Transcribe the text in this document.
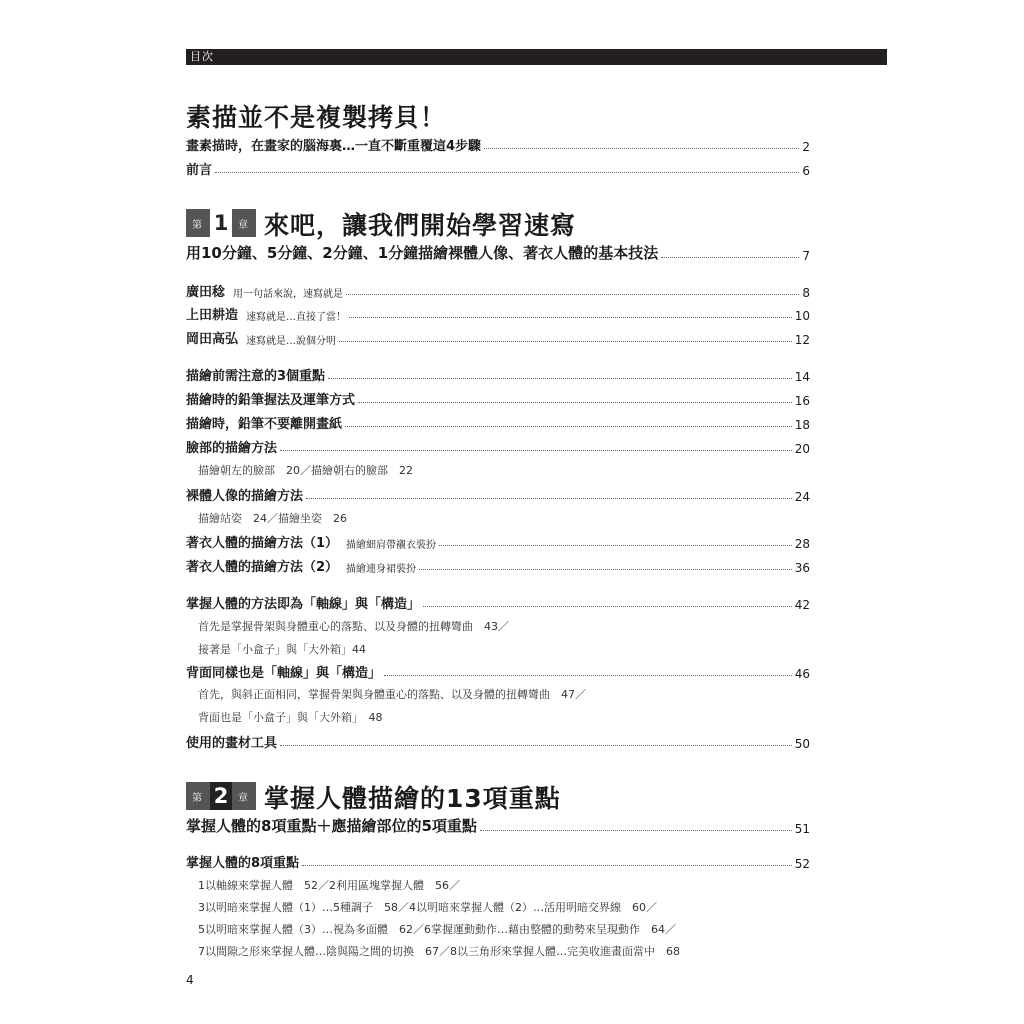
目次
素描並不是複製拷貝！
畫素描時，在畫家的腦海裏…一直不斷重覆這4步驟	2
前言	6
第 1 章 來吧，讓我們開始學習速寫
用10分鐘、5分鐘、2分鐘、1分鐘描繪裸體人像、著衣人體的基本技法	7
廣田稔 用一句話來說，速寫就是	8
上田耕造 速寫就是…直接了當！	10
岡田高弘 速寫就是…說個分明	12
描繪前需注意的3個重點	14
描繪時的鉛筆握法及運筆方式	16
描繪時，鉛筆不要離開畫紙	18
臉部的描繪方法	20
描繪朝左的臉部　20／描繪朝右的臉部　22
裸體人像的描繪方法	24
描繪站姿　24／描繪坐姿　26
著衣人體的描繪方法（1） 描繪細肩帶襯衣裝扮	28
著衣人體的描繪方法（2） 描繪連身裙裝扮	36
掌握人體的方法即為「軸線」與「構造」	42
首先是掌握骨架與身體重心的落點、以及身體的扭轉彎曲　43／
接著是「小盒子」與「大外箱」44
背面同樣也是「軸線」與「構造」	46
首先，與斜正面相同，掌握骨架與身體重心的落點、以及身體的扭轉彎曲　47／
背面也是「小盒子」與「大外箱」　48
使用的畫材工具	50
第 2 章 掌握人體描繪的13項重點
掌握人體的8項重點＋應描繪部位的5項重點	51
掌握人體的8項重點	52
1以軸線來掌握人體　52／2利用區塊掌握人體　56／
3以明暗來掌握人體（1）…5種調子　58／4以明暗來掌握人體（2）…活用明暗交界線　60／
5以明暗來掌握人體（3）…視為多面體　62／6掌握運動動作…藉由整體的動勢來呈現動作　64／
7以間隙之形來掌握人體…陰與陽之間的切換　67／8以三角形來掌握人體…完美收進畫面當中　68
4
